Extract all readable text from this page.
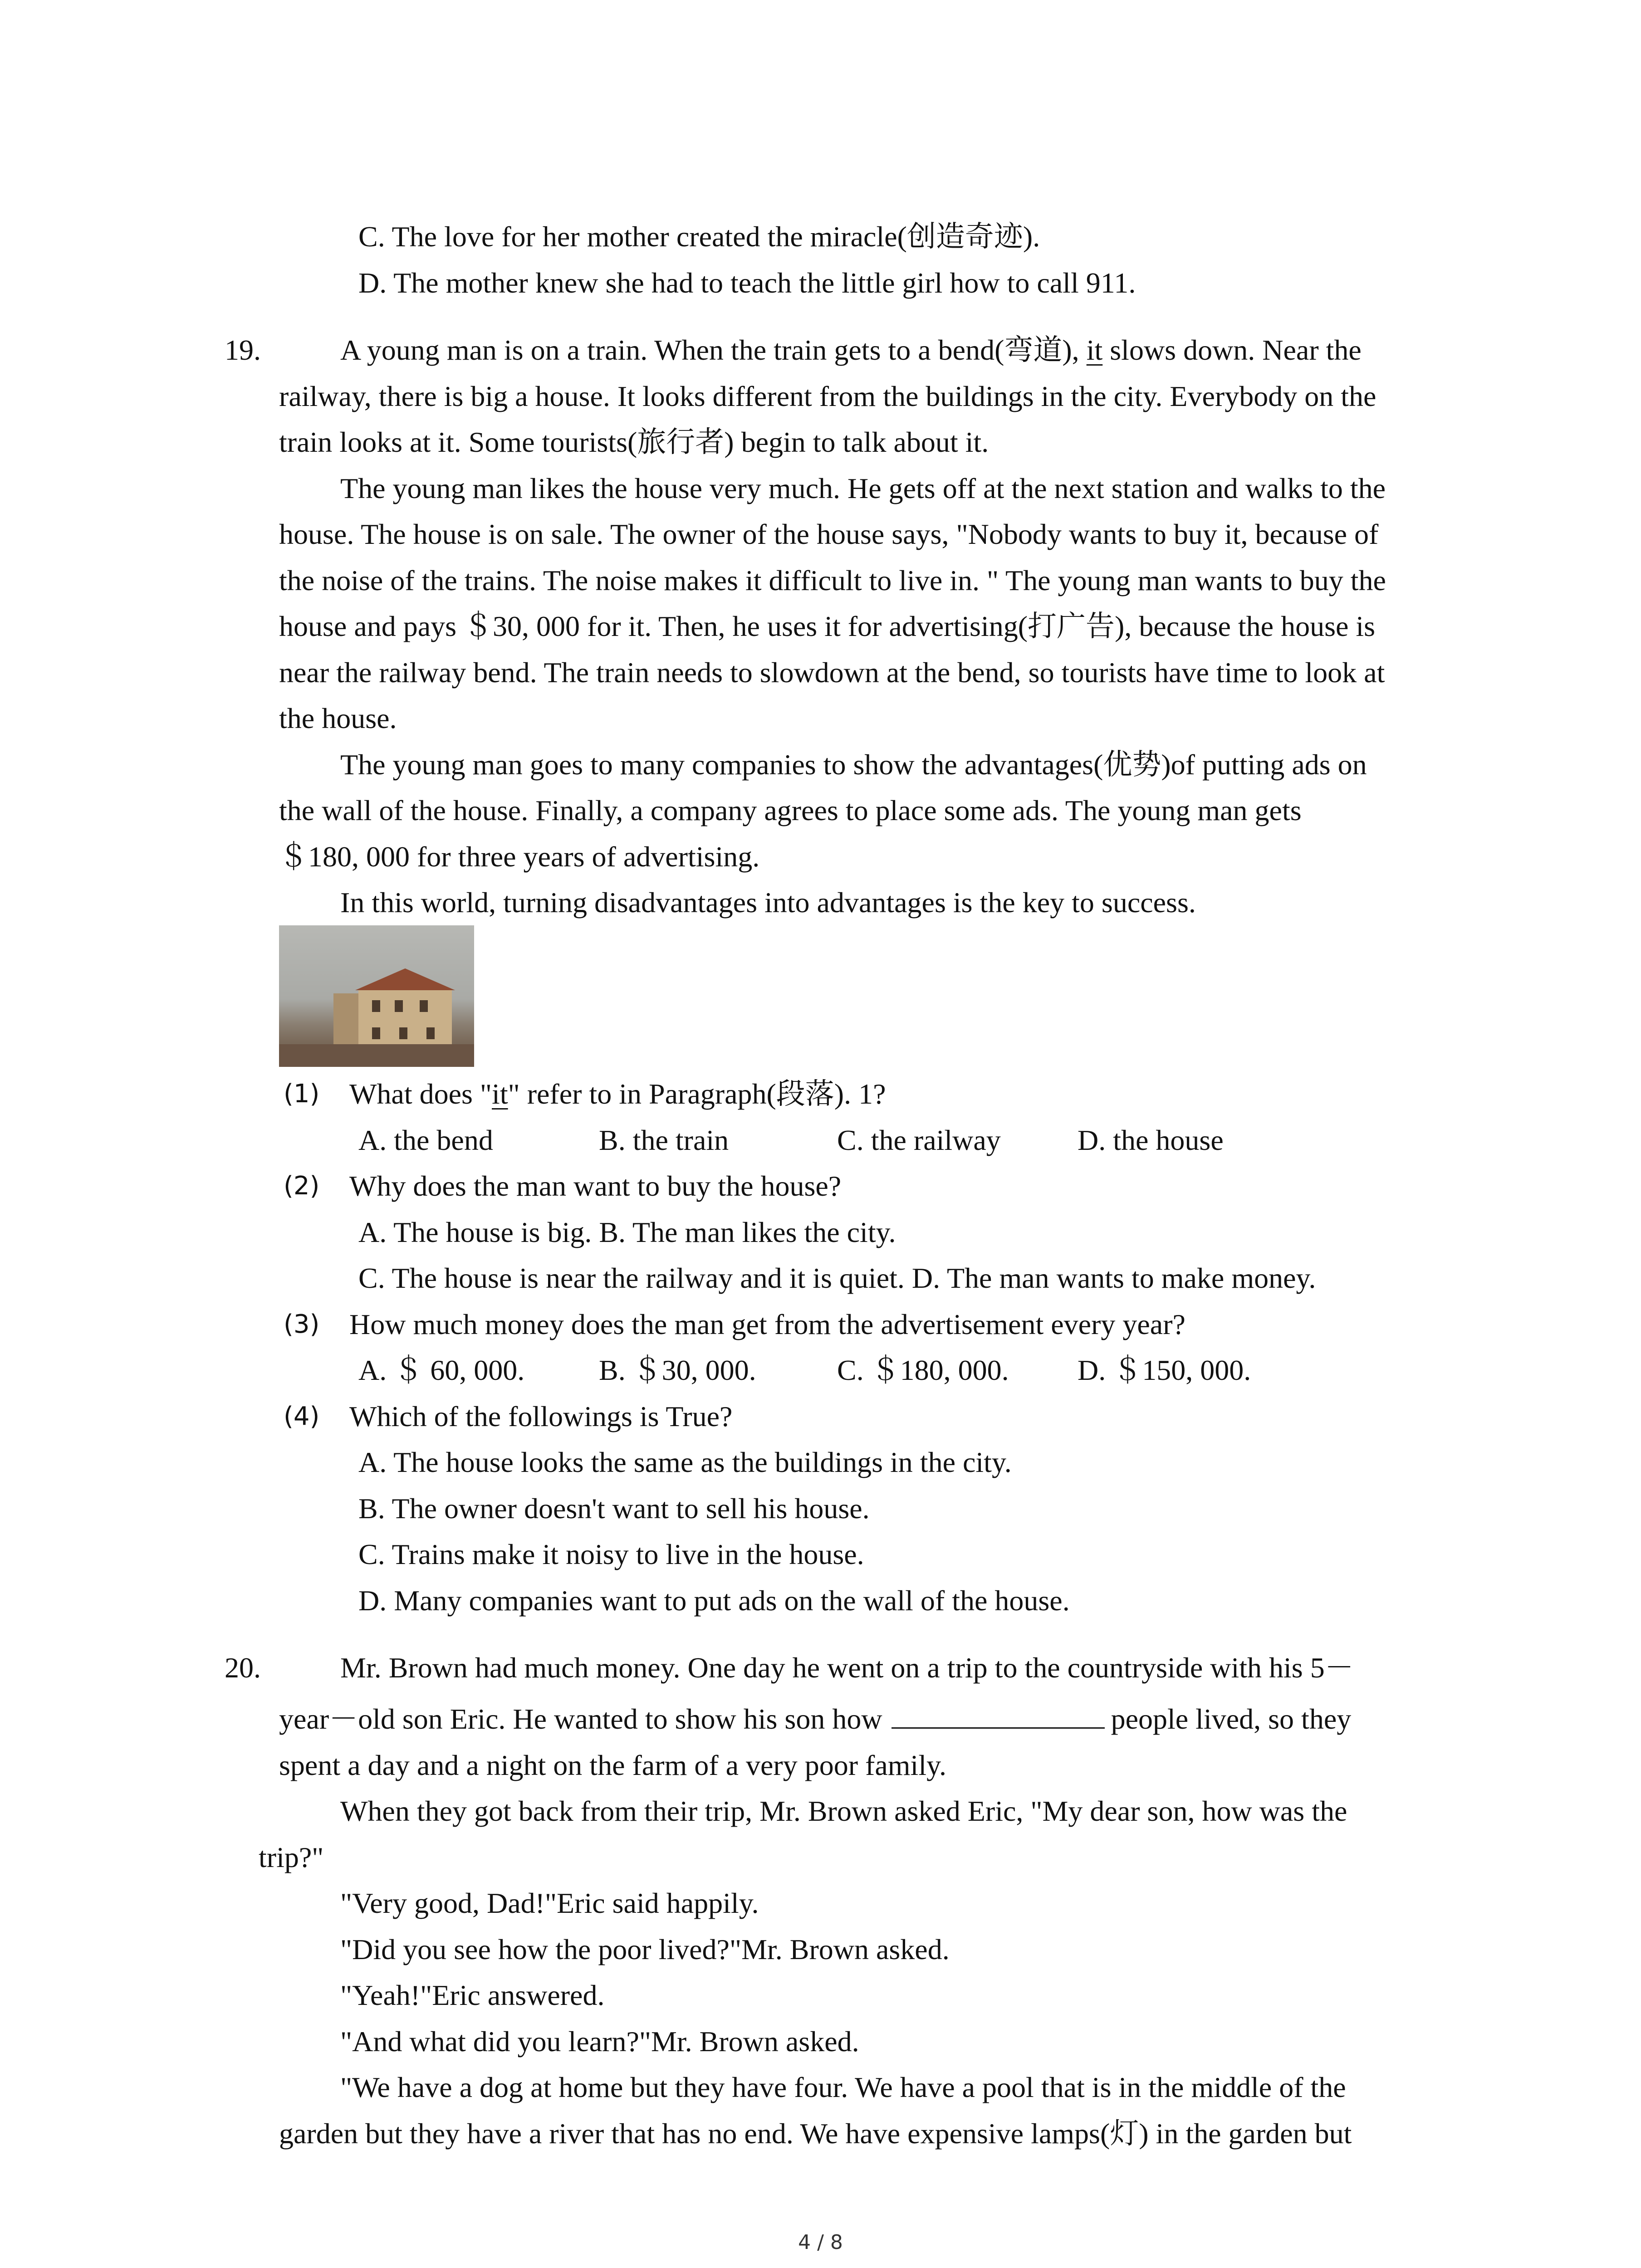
C. The love for her mother created the miracle(创造奇迹).
D. The mother knew she had to teach the little girl how to call 911.
19.	A young man is on a train. When the train gets to a bend(弯道), it slows down. Near the
railway, there is big a house. It looks different from the buildings in the city. Everybody on the
train looks at it. Some tourists(旅行者) begin to talk about it.
The young man likes the house very much. He gets off at the next station and walks to the
house. The house is on sale. The owner of the house says, "Nobody wants to buy it, because of
the noise of the trains. The noise makes it difficult to live in. " The young man wants to buy the
house and pays ＄30, 000 for it. Then, he uses it for advertising(打广告), because the house is
near the railway bend. The train needs to slowdown at the bend, so tourists have time to look at
the house.
The young man goes to many companies to show the advantages(优势)of putting ads on
the wall of the house. Finally, a company agrees to place some ads. The young man gets
＄180, 000 for three years of advertising.
In this world, turning disadvantages into advantages is the key to success.
(1) What does "it" refer to in Paragraph(段落). 1?
A. the bend	B. the train	C. the railway	D. the house
(2) Why does the man want to buy the house?
A. The house is big. B. The man likes the city.
C. The house is near the railway and it is quiet. D. The man wants to make money.
(3) How much money does the man get from the advertisement every year?
A. ＄ 60, 000.	B. ＄30, 000.	C. ＄180, 000. D. ＄150, 000.
(4) Which of the followings is True?
A. The house looks the same as the buildings in the city.
B. The owner doesn't want to sell his house.
C. Trains make it noisy to live in the house.
D. Many companies want to put ads on the wall of the house.
20.	Mr. Brown had much money. One day he went on a trip to the countryside with his 5－
year－old son Eric. He wanted to show his son how	people lived, so they
spent a day and a night on the farm of a very poor family.
When they got back from their trip, Mr. Brown asked Eric, "My dear son, how was the
trip?"
"Very good, Dad!"Eric said happily.
"Did you see how the poor lived?"Mr. Brown asked.
"Yeah!"Eric answered.
"And what did you learn?"Mr. Brown asked.
"We have a dog at home but they have four. We have a pool that is in the middle of the
garden but they have a river that has no end. We have expensive lamps(灯) in the garden but
4 / 8
